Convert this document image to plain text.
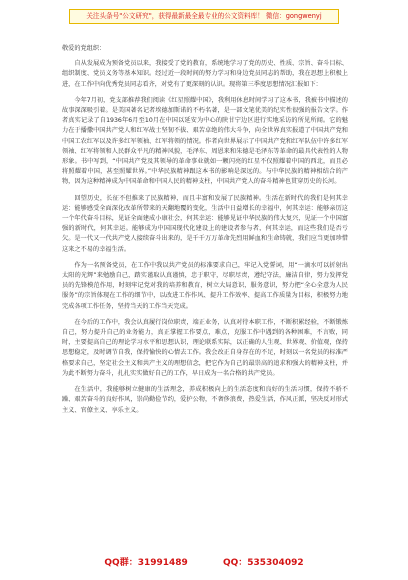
关注头条号"公文研究"，获得最新最全最专业的公文资料库！ 微信：gongwenyj

敬爱的党组织：

自从发展成为预备党员以来，我接受了党的教育，系统地学习了党的历史、性质、宗旨、奋斗目标、组织制度、党员义务等基本知识。经过近一段时间的努力学习和身边党员同志的帮助，我在思想上积极上进，在工作中向优秀党员同志看齐，对党有了更深刻的认识。现将第三季度思想情况汇报如下：

今年7月初，党支部推荐我们阅读《红星照耀中国》，我利用休息时间学习了这本书，我被书中描述的故事深深吸引着。是美国著名记者埃德加斯诺的不朽名著，是一部文笔优美的纪实性很强的报告文学。作者真实记录了自1936年6月至10月在中国以延安为中心的陕甘宁边区进行实地采访的所见所闻。它的魅力在于播撒中国共产党人和红军战士坚韧不拔、艰苦卓绝的伟大斗争，向全世界真实报道了中国共产党和中国工农红军以及许多红军领袖、红军将领的情况。作者向世界展示了中国共产党和红军队伍中许多红军领袖、红军将领和人民群众平凡的精神风貌，毛泽东、周恩来和朱德是毛泽东等革命的最具代表性的人物形象。书中写到，“中国共产党及其领导的革命事业就如一颗闪亮的红星不仅照耀着中国的西北，而且必将照耀着中国，甚至照耀世界。”中华民族精神跟这本书的影响是深远的。与中华民族的精神相结合的产物，因为这种精神成为中国革命和中国人民的精神支柱，中国共产党人的奋斗精神也贯穿历史的长河。

回望历史，长征不但推来了民族精神，而且丰富和发展了民族精神。生活在新时代的我们是何其幸运：能够感受全面深化改革所带来的天翻地覆的变化，生活中日益增长的幸福中，何其幸运：能够亲历这一个年代奋斗目标，见证全面建成小康社会，何其幸运：能够见证中华民族的伟大复兴，见证一个中国富强的新时代，何其幸运。能够成为中国国现代化建设上的建设者参与者，何其幸运，而这些我们是否亏欠。是一代又一代共产党人接续奋斗出来的，是千千万万革命先烈用鲜血和生命铸就，我们应当更加珍惜这来之不易的幸福生活。

作为一名预备党员，在工作中我以共产党员的标准要求自己，牢记入党誓词，用“一滴水可以折射出太阳的光辉”来勉励自己，踏实谨取认真谨慎，忠于职守，尽职尽责，遵纪守法，廉洁自律，努力发挥党员的先锋模范作用，时刻牢记党对我的培养和教育，树立大局意识，服务意识，努力把“全心全意为人民服务”的宗旨体现在工作的细节中，以改进工作作风、提升工作效率、提高工作质量为目标，积极努力地完成各项工作任务，坚持当天的工作当天完成。

在今后的工作中，我会认真履行岗位职责，端正业务，认真对待本职工作，不断积累经验，不断锻炼自己，努力提升自己的业务能力，真正掌握工作要点，难点，克服工作中遇到的各种困难，不言败，同时，主要提高自己的理论学习水平和思想认识，理论联系实际，以正确的人生观、世界观、价值观，保持思想稳定，及时调节自我，保持愉快的心情去工作。我会改正自身存在的不足，时刻以一名党员的标准严格要求自己，坚定社会主义和共产主义的理想信念，把它作为自己的最崇高的追求和强大的精神支柱，并为此不断努力奋斗，扎扎实实做好自己的工作，早日成为一名合格的共产党员。

在生活中，我能够树立健康的生活理念，养成积极向上的生活态度和良好的生活习惯，保持不骄不躁、艰苦奋斗的良好作风，崇尚勤俭节约，爱护公物，不奢侈浪费，热爱生活，作风正派，坚决反对形式主义、官僚主义、享乐主义。

QQ群：31991489	QQ：535304092
